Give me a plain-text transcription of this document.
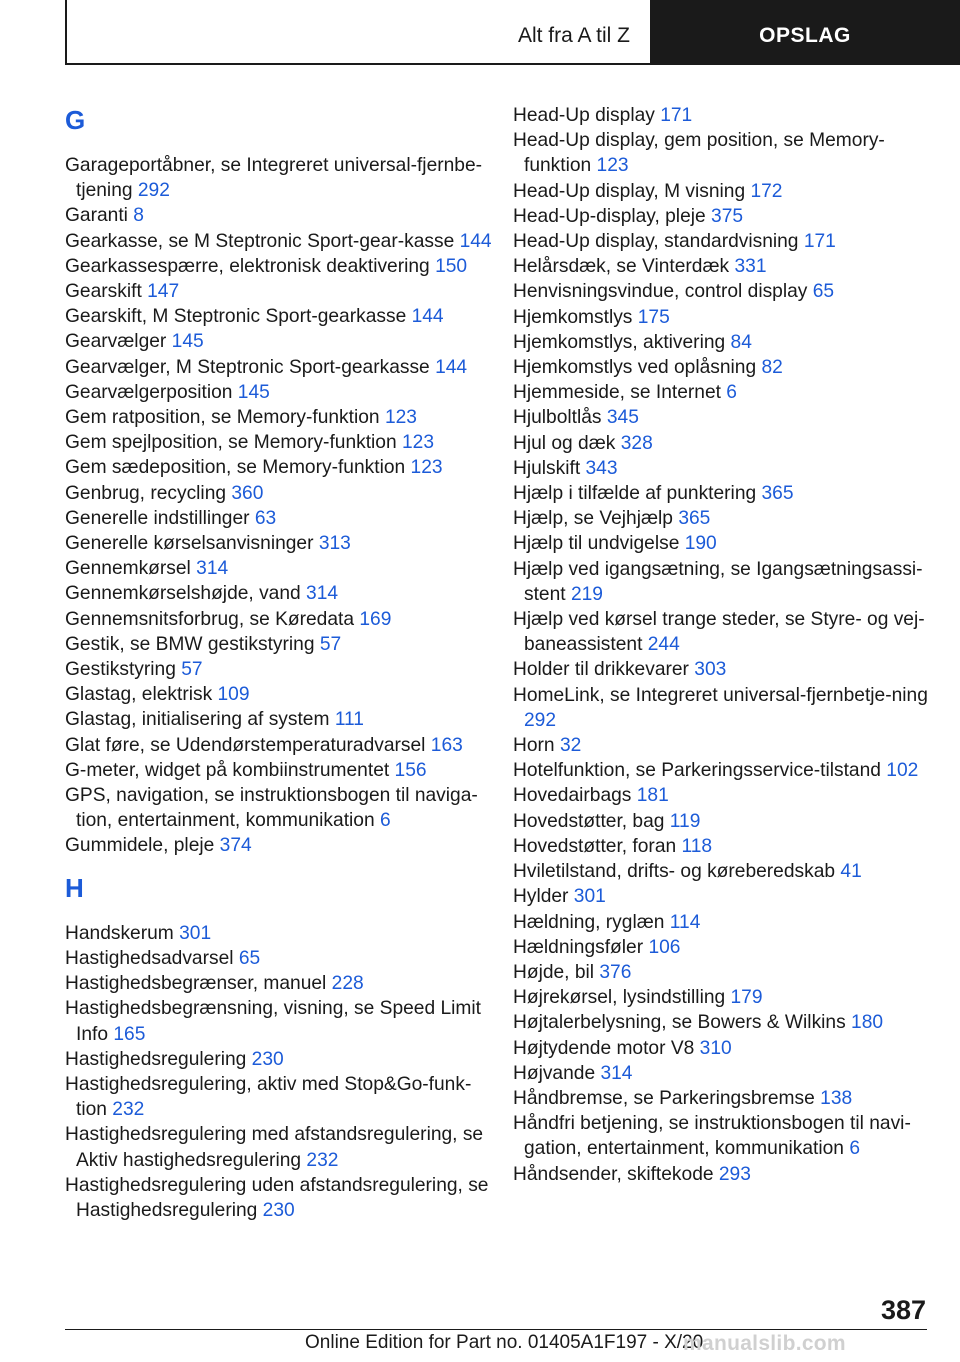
Alt fra A til Z	OPSLAG
G
Garageportåbner, se Integreret universal-fjernbe-tjening 292
Garanti 8
Gearkasse, se M Steptronic Sport-gear-kasse 144
Gearkassespærre, elektronisk deaktivering 150
Gearskift 147
Gearskift, M Steptronic Sport-gearkasse 144
Gearvælger 145
Gearvælger, M Steptronic Sport-gearkasse 144
Gearvælgerposition 145
Gem ratposition, se Memory-funktion 123
Gem spejlposition, se Memory-funktion 123
Gem sædeposition, se Memory-funktion 123
Genbrug, recycling 360
Generelle indstillinger 63
Generelle kørselsanvisninger 313
Gennemkørsel 314
Gennemkørselshøjde, vand 314
Gennemsnitsforbrug, se Køredata 169
Gestik, se BMW gestikstyring 57
Gestikstyring 57
Glastag, elektrisk 109
Glastag, initialisering af system 111
Glat føre, se Udendørstemperaturadvarsel 163
G-meter, widget på kombiinstrumentet 156
GPS, navigation, se instruktionsbogen til naviga-tion, entertainment, kommunikation 6
Gummidele, pleje 374
H
Handskerum 301
Hastighedsadvarsel 65
Hastighedsbegrænser, manuel 228
Hastighedsbegrænsning, visning, se Speed Limit Info 165
Hastighedsregulering 230
Hastighedsregulering, aktiv med Stop&Go-funk-tion 232
Hastighedsregulering med afstandsregulering, se Aktiv hastighedsregulering 232
Hastighedsregulering uden afstandsregulering, se Hastighedsregulering 230
Head-Up display 171
Head-Up display, gem position, se Memory-funktion 123
Head-Up display, M visning 172
Head-Up-display, pleje 375
Head-Up display, standardvisning 171
Helårsdæk, se Vinterdæk 331
Henvisningsvindue, control display 65
Hjemkomstlys 175
Hjemkomstlys, aktivering 84
Hjemkomstlys ved oplåsning 82
Hjemmeside, se Internet 6
Hjulboltlås 345
Hjul og dæk 328
Hjulskift 343
Hjælp i tilfælde af punktering 365
Hjælp, se Vejhjælp 365
Hjælp til undvigelse 190
Hjælp ved igangsætning, se Igangsætningsassi-stent 219
Hjælp ved kørsel trange steder, se Styre- og vej-baneassistent 244
Holder til drikkevarer 303
HomeLink, se Integreret universal-fjernbetje-ning 292
Horn 32
Hotelfunktion, se Parkeringsservice-tilstand 102
Hovedairbags 181
Hovedstøtter, bag 119
Hovedstøtter, foran 118
Hviletilstand, drifts- og køreberedskab 41
Hylder 301
Hældning, ryglæn 114
Hældningsføler 106
Højde, bil 376
Højrekørsel, lysindstilling 179
Højtalerbelysning, se Bowers & Wilkins 180
Højtydende motor V8 310
Højvande 314
Håndbremse, se Parkeringsbremse 138
Håndfri betjening, se instruktionsbogen til navi-gation, entertainment, kommunikation 6
Håndsender, skiftekode 293
387
Online Edition for Part no. 01405A1F197 - X/20
manualslib.com
